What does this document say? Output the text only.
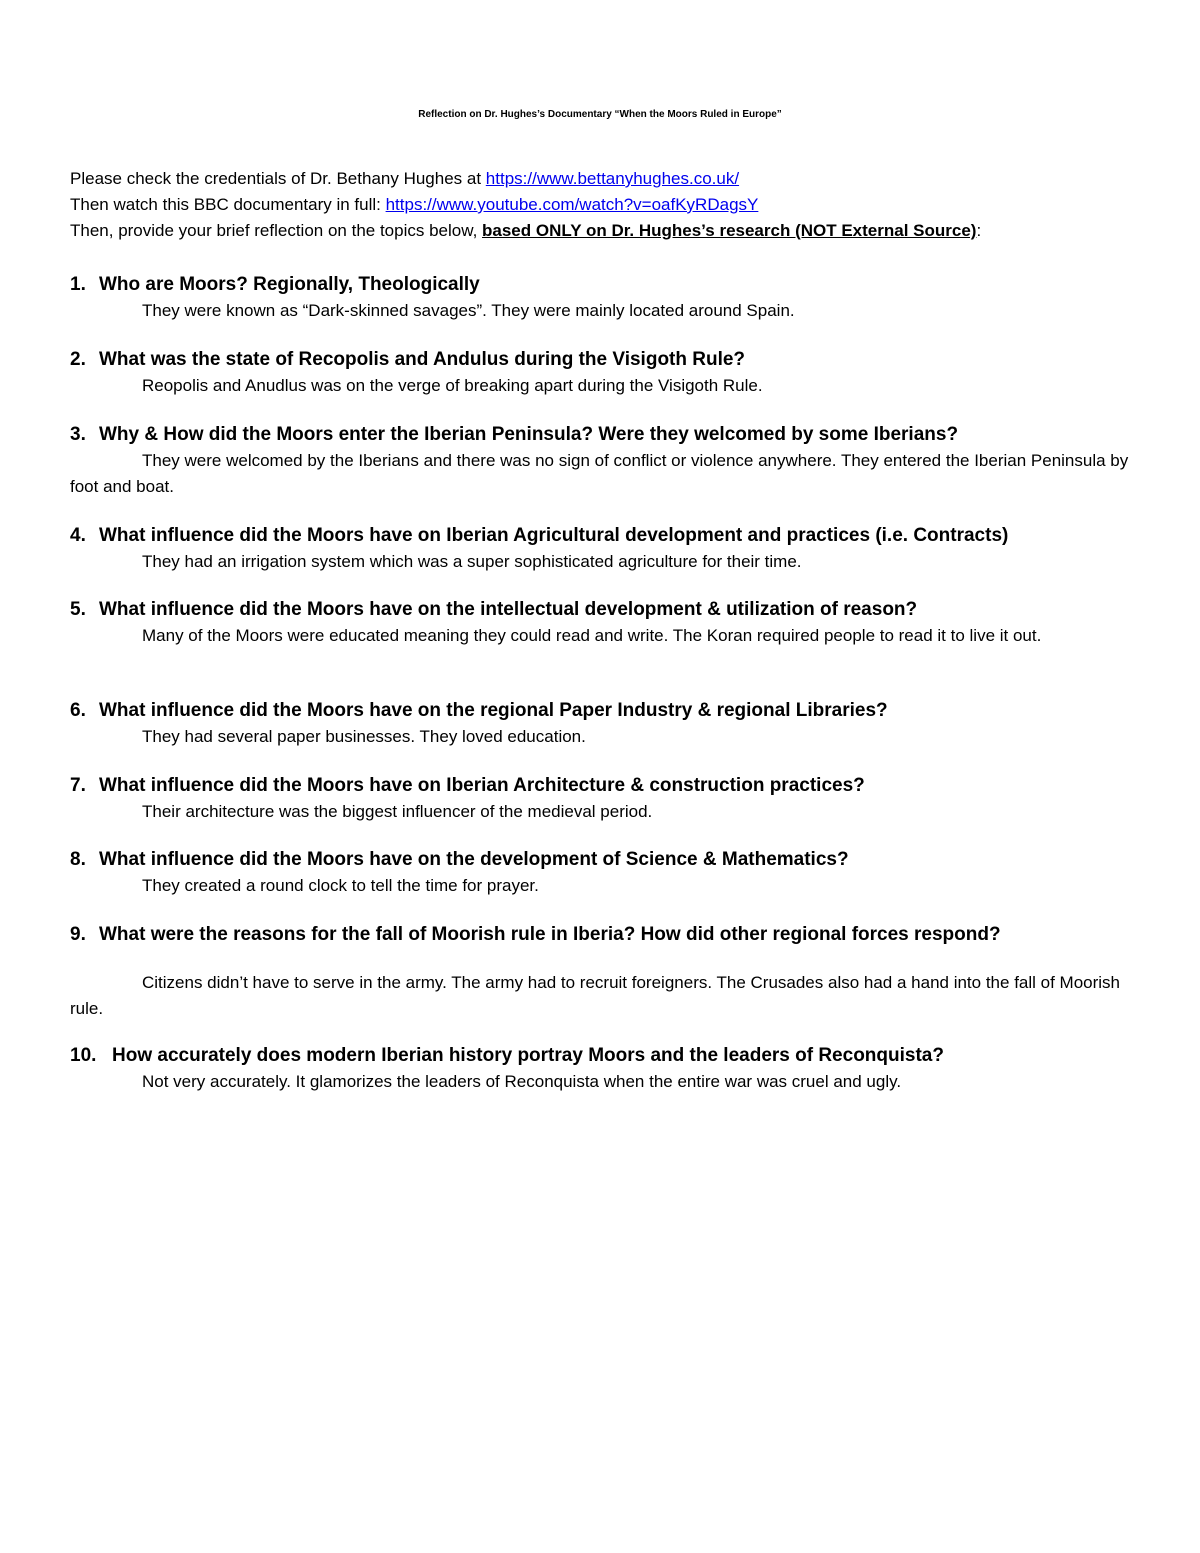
Reflection on Dr. Hughes’s Documentary “When the Moors Ruled in Europe”
Please check the credentials of Dr. Bethany Hughes at https://www.bettanyhughes.co.uk/
Then watch this BBC documentary in full: https://www.youtube.com/watch?v=oafKyRDagsY
Then, provide your brief reflection on the topics below, based ONLY on Dr. Hughes’s research (NOT External Source):
1. Who are Moors? Regionally, Theologically

They were known as “Dark-skinned savages”. They were mainly located around Spain.

2. What was the state of Recopolis and Andulus during the Visigoth Rule?

Reopolis and Anudlus was on the verge of breaking apart during the Visigoth Rule.

3. Why & How did the Moors enter the Iberian Peninsula? Were they welcomed by some Iberians?

They were welcomed by the Iberians and there was no sign of conflict or violence anywhere. They entered the Iberian Peninsula by foot and boat.

4. What influence did the Moors have on Iberian Agricultural development and practices (i.e. Contracts)

They had an irrigation system which was a super sophisticated agriculture for their time.

5. What influence did the Moors have on the intellectual development & utilization of reason?

Many of the Moors were educated meaning they could read and write. The Koran required people to read it to live it out.

6. What influence did the Moors have on the regional Paper Industry & regional Libraries?

They had several paper businesses. They loved education.

7. What influence did the Moors have on Iberian Architecture & construction practices?

Their architecture was the biggest influencer of the medieval period.

8. What influence did the Moors have on the development of Science & Mathematics?

They created a round clock to tell the time for prayer.

9. What were the reasons for the fall of Moorish rule in Iberia? How did other regional forces respond?

Citizens didn’t have to serve in the army. The army had to recruit foreigners. The Crusades also had a hand into the fall of Moorish rule.

10. How accurately does modern Iberian history portray Moors and the leaders of Reconquista?

Not very accurately. It glamorizes the leaders of Reconquista when the entire war was cruel and ugly.
